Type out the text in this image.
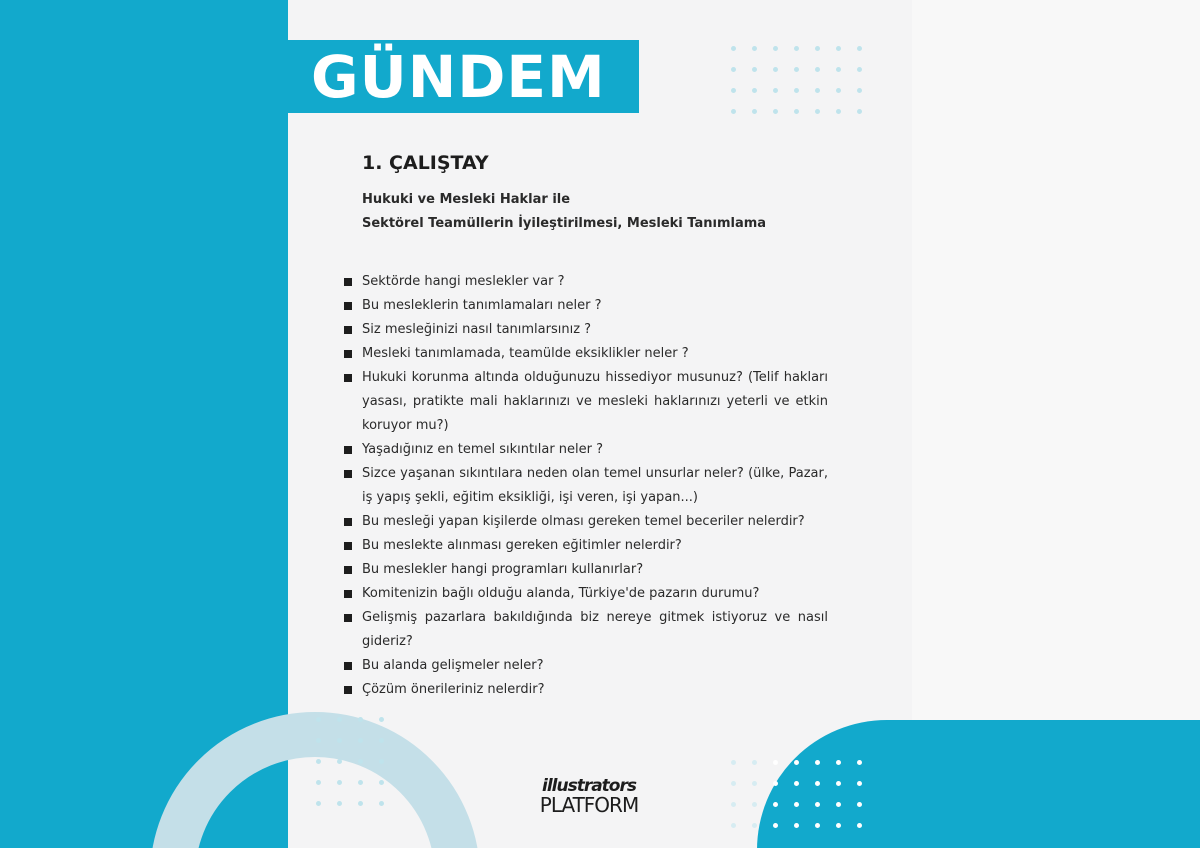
GÜNDEM
1. ÇALIŞTAY
Hukuki ve Mesleki Haklar ile
Sektörel Teamüllerin İyileştirilmesi, Mesleki Tanımlama
Sektörde hangi meslekler var ?
Bu mesleklerin tanımlamaları neler ?
Siz mesleğinizi nasıl tanımlarsınız ?
Mesleki tanımlamada, teamülde eksiklikler neler ?
Hukuki korunma altında olduğunuzu hissediyor musunuz? (Telif hakları yasası, pratikte mali haklarınızı ve mesleki haklarınızı yeterli ve etkin koruyor mu?)
Yaşadığınız en temel sıkıntılar neler ?
Sizce yaşanan sıkıntılara neden olan temel unsurlar neler? (ülke, Pazar, iş yapış şekli, eğitim eksikliği, işi veren, işi yapan...)
Bu mesleği yapan kişilerde olması gereken temel beceriler nelerdir?
Bu meslekte alınması gereken eğitimler nelerdir?
Bu meslekler hangi programları kullanırlar?
Komitenizin bağlı olduğu alanda, Türkiye'de pazarın durumu?
Gelişmiş pazarlara bakıldığında biz nereye gitmek istiyoruz ve nasıl gideriz?
Bu alanda gelişmeler neler?
Çözüm önerileriniz nelerdir?
illustrators
PLATFORM
